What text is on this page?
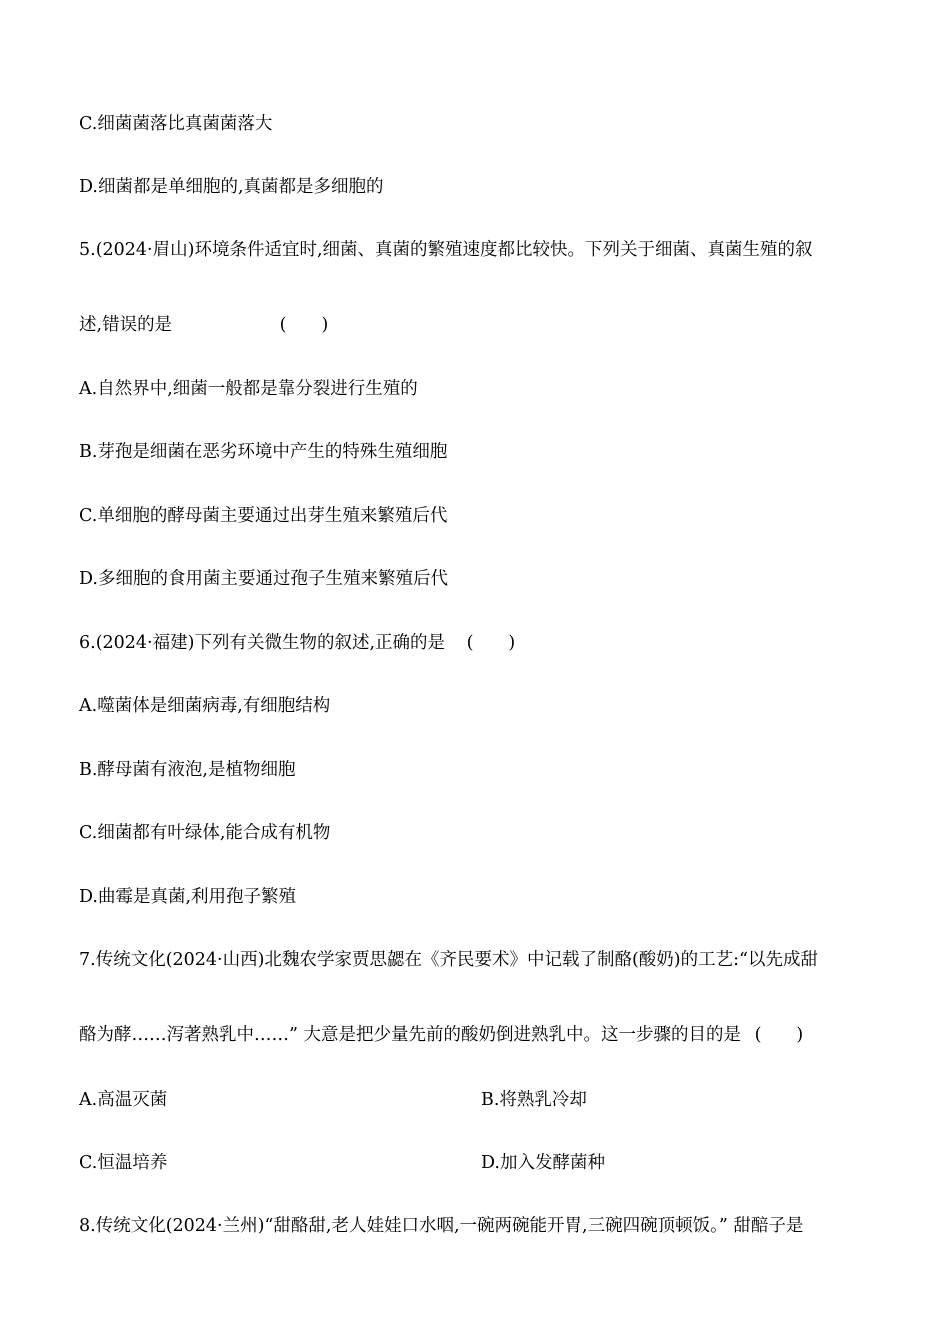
C.细菌菌落比真菌菌落大
D.细菌都是单细胞的,真菌都是多细胞的
5.(2024·眉山)环境条件适宜时,细菌、真菌的繁殖速度都比较快。下列关于细菌、真菌生殖的叙
述,错误的是	(　　)
A.自然界中,细菌一般都是靠分裂进行生殖的
B.芽孢是细菌在恶劣环境中产生的特殊生殖细胞
C.单细胞的酵母菌主要通过出芽生殖来繁殖后代
D.多细胞的食用菌主要通过孢子生殖来繁殖后代
6.(2024·福建)下列有关微生物的叙述,正确的是 (　　)
A.噬菌体是细菌病毒,有细胞结构
B.酵母菌有液泡,是植物细胞
C.细菌都有叶绿体,能合成有机物
D.曲霉是真菌,利用孢子繁殖
7.传统文化(2024·山西)北魏农学家贾思勰在《齐民要术》中记载了制酪(酸奶)的工艺:“以先成甜
酪为酵……泻著熟乳中……” 大意是把少量先前的酸奶倒进熟乳中。这一步骤的目的是 (　　)
A.高温灭菌	B.将熟乳冷却
C.恒温培养	D.加入发酵菌种
8.传统文化(2024·兰州)“甜酪甜,老人娃娃口水咽,一碗两碗能开胃,三碗四碗顶顿饭。” 甜醅子是
